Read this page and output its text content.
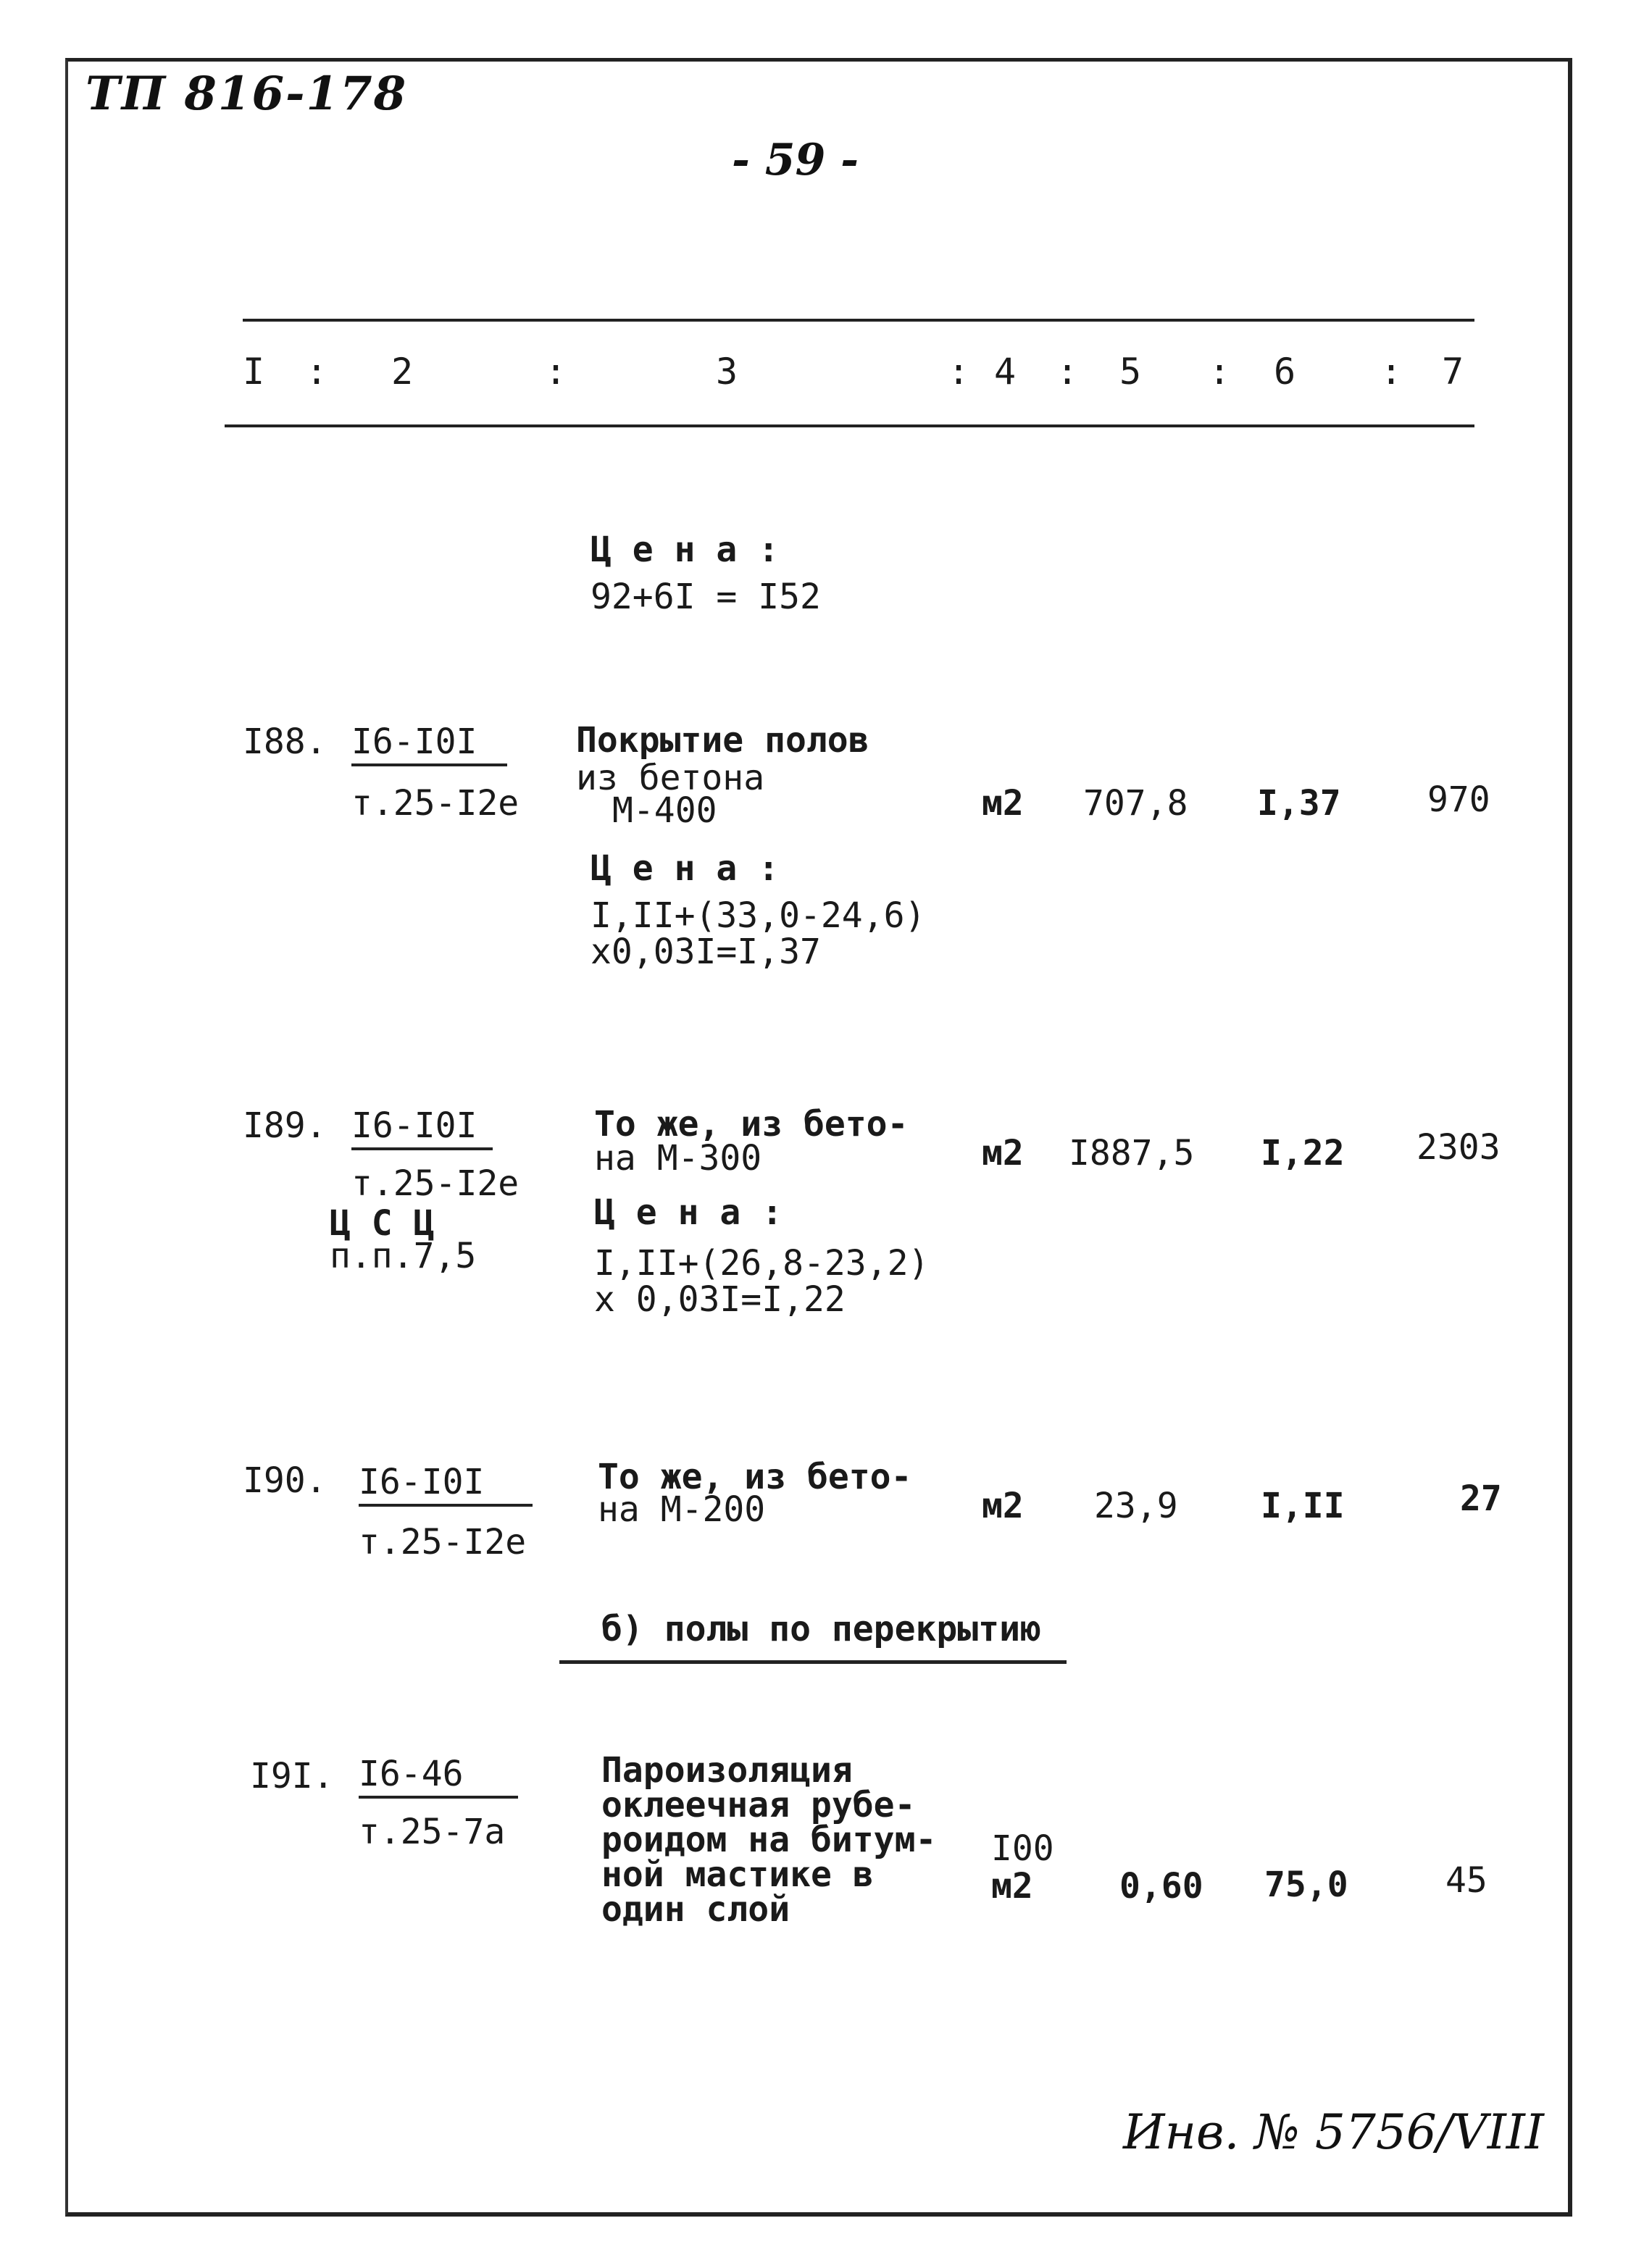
ТП 816-178
- 59 -
I : 2	:	3	: 4 : 5 : 6 : 7
Ц е н а :
92+6I = I52
I88. I6-I0I
т.25-I2е
Покрытие полов
из бетона
М-400
Ц е н а :
I,II+(33,0-24,6)
х0,03I=I,37
м2 707,8 I,37 970
I89. I6-I0I
т.25-I2е
Ц С Ц
п.п.7,5
То же, из бето-
на М-300
Ц е н а :
I,II+(26,8-23,2)
х 0,03I=I,22
м2 I887,5 I,22 2303
I90. I6-I0I
т.25-I2е
То же, из бето-
на М-200	м2 23,9 I,II	27
б) полы по перекрытию
I9I. I6-46
т.25-7а
Пароизоляция
оклеечная рубе-
роидом на битум-
ной мастике в
один слой
I00
м2 0,60 75,0	45
Инв. № 5756/VIII
